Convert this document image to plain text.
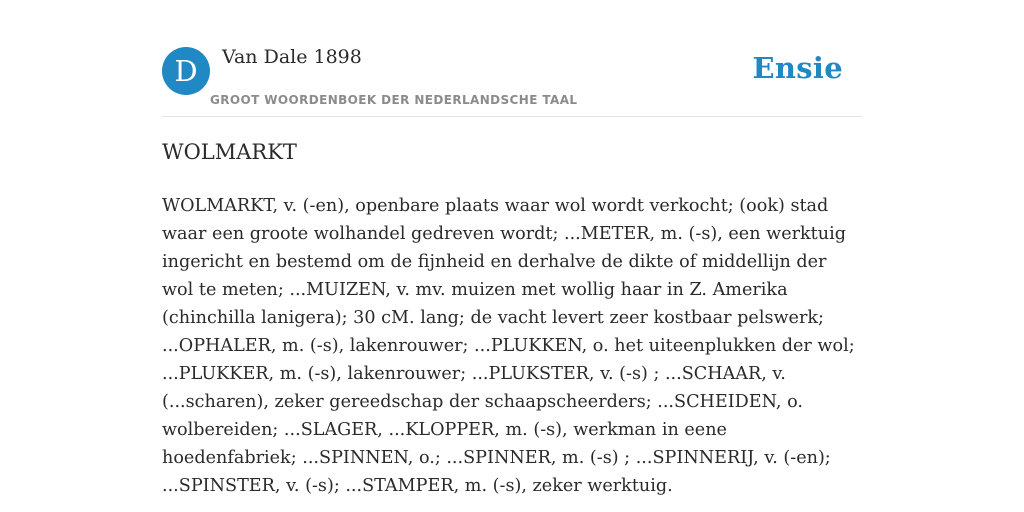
D	Van Dale 1898
GROOT WOORDENBOEK DER NEDERLANDSCHE TAAL
Ensie
WOLMARKT

WOLMARKT, v. (-en), openbare plaats waar wol wordt verkocht; (ook) stad waar een groote wolhandel gedreven wordt; ...METER, m. (-s), een werktuig ingericht en bestemd om de fijnheid en derhalve de dikte of middellijn der wol te meten; ...MUIZEN, v. mv. muizen met wollig haar in Z. Amerika (chinchilla lanigera); 30 cM. lang; de vacht levert zeer kostbaar pelswerk; ...OPHALER, m. (-s), lakenrouwer; ...PLUKKEN, o. het uiteenplukken der wol; ...PLUKKER, m. (-s), lakenrouwer; ...PLUKSTER, v. (-s) ; ...SCHAAR, v. (...scharen), zeker gereedschap der schaapscheerders; ...SCHEIDEN, o. wolbereiden; ...SLAGER, ...KLOPPER, m. (-s), werkman in eene hoedenfabriek; ...SPINNEN, o.; ...SPINNER, m. (-s) ; ...SPINNERIJ, v. (-en); ...SPINSTER, v. (-s); ...STAMPER, m. (-s), zeker werktuig.
